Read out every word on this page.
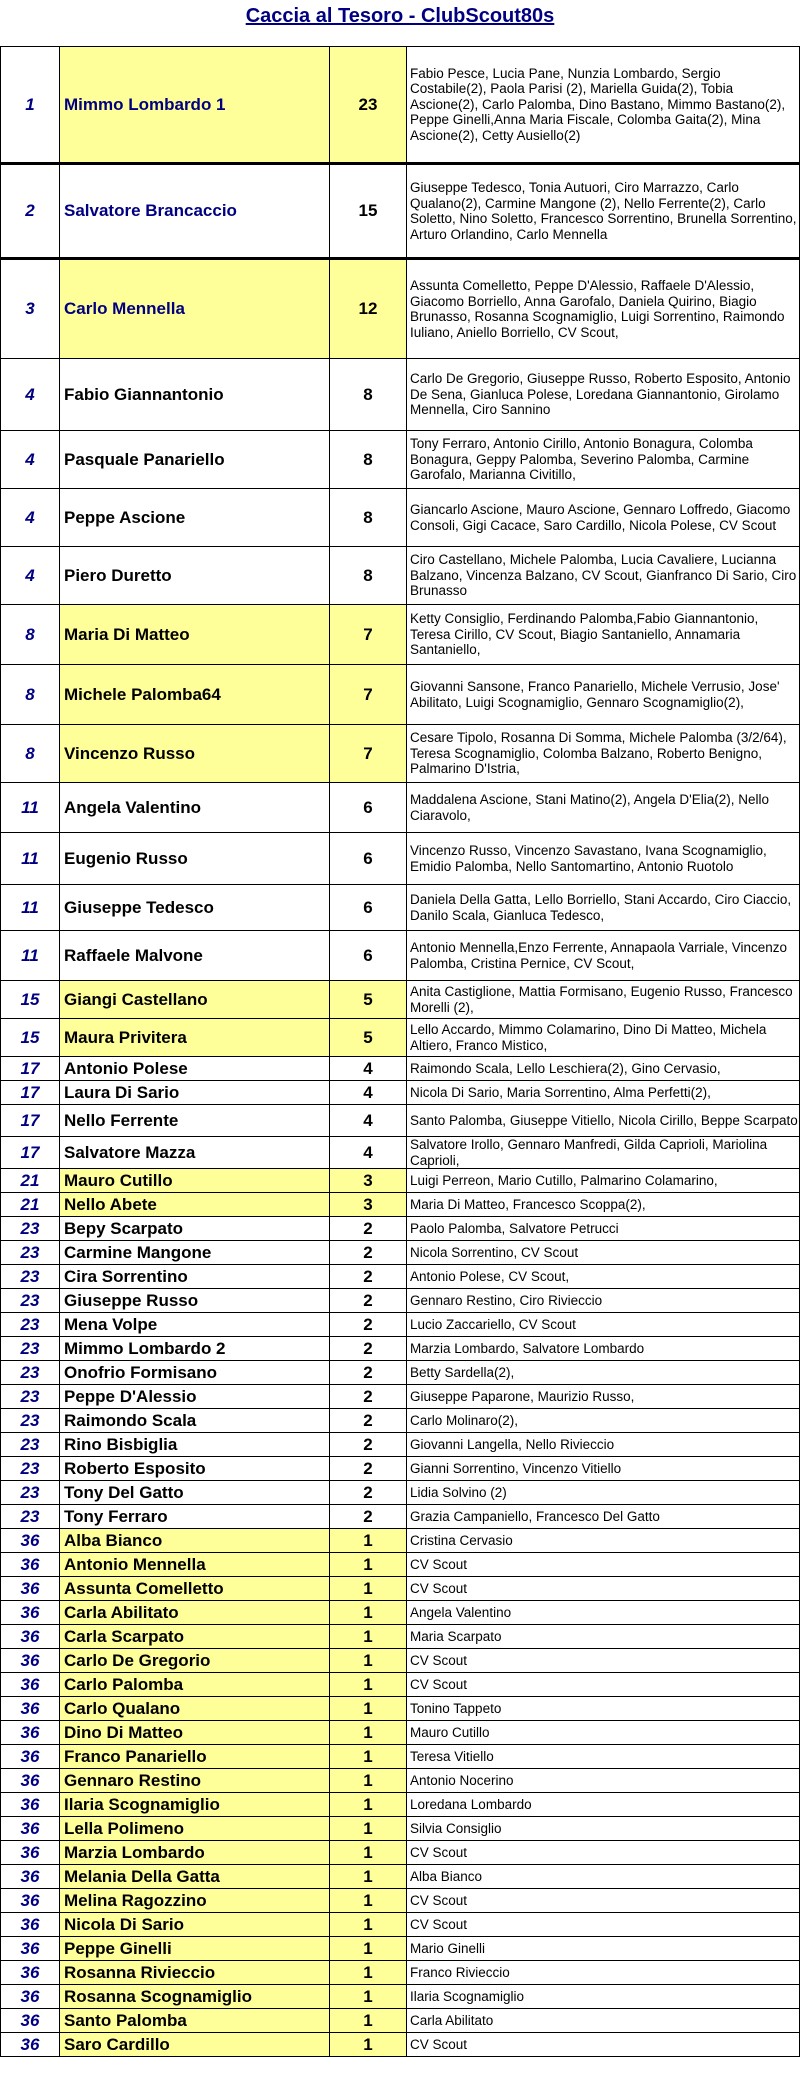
Caccia al Tesoro - ClubScout80s
1	Mimmo Lombardo 1	23	Fabio Pesce, Lucia Pane, Nunzia Lombardo, Sergio Costabile(2), Paola Parisi (2), Mariella Guida(2), Tobia Ascione(2), Carlo Palomba, Dino Bastano, Mimmo Bastano(2), Peppe Ginelli,Anna Maria Fiscale, Colomba Gaita(2), Mina Ascione(2), Cetty Ausiello(2)
2	Salvatore Brancaccio	15	Giuseppe Tedesco, Tonia Autuori, Ciro Marrazzo, Carlo Qualano(2), Carmine Mangone (2), Nello Ferrente(2), Carlo Soletto, Nino Soletto, Francesco Sorrentino, Brunella Sorrentino, Arturo Orlandino, Carlo Mennella
3	Carlo Mennella	12	Assunta Comelletto, Peppe D'Alessio, Raffaele D'Alessio, Giacomo Borriello, Anna Garofalo, Daniela Quirino, Biagio Brunasso, Rosanna Scognamiglio, Luigi Sorrentino, Raimondo Iuliano, Aniello Borriello, CV Scout,
4	Fabio Giannantonio	8	Carlo De Gregorio, Giuseppe Russo, Roberto Esposito, Antonio De Sena, Gianluca Polese, Loredana Giannantonio, Girolamo Mennella, Ciro Sannino
4	Pasquale Panariello	8	Tony Ferraro, Antonio Cirillo, Antonio Bonagura, Colomba Bonagura, Geppy Palomba, Severino Palomba, Carmine Garofalo, Marianna Civitillo,
4	Peppe Ascione	8	Giancarlo Ascione, Mauro Ascione, Gennaro Loffredo, Giacomo Consoli, Gigi Cacace, Saro Cardillo, Nicola Polese, CV Scout
4	Piero Duretto	8	Ciro Castellano, Michele Palomba, Lucia Cavaliere, Lucianna Balzano, Vincenza Balzano, CV Scout, Gianfranco Di Sario, Ciro Brunasso
8	Maria Di Matteo	7	Ketty Consiglio, Ferdinando Palomba,Fabio Giannantonio, Teresa Cirillo, CV Scout, Biagio Santaniello, Annamaria Santaniello,
8	Michele Palomba64	7	Giovanni Sansone, Franco Panariello, Michele Verrusio, Jose' Abilitato, Luigi Scognamiglio, Gennaro Scognamiglio(2),
8	Vincenzo Russo	7	Cesare Tipolo, Rosanna Di Somma, Michele Palomba (3/2/64), Teresa Scognamiglio, Colomba Balzano, Roberto Benigno, Palmarino D'Istria,
11	Angela Valentino	6	Maddalena Ascione, Stani Matino(2), Angela D'Elia(2), Nello Ciaravolo,
11	Eugenio Russo	6	Vincenzo Russo, Vincenzo Savastano, Ivana Scognamiglio, Emidio Palomba, Nello Santomartino, Antonio Ruotolo
11	Giuseppe Tedesco	6	Daniela Della Gatta, Lello Borriello, Stani Accardo, Ciro Ciaccio, Danilo Scala, Gianluca Tedesco,
11	Raffaele Malvone	6	Antonio Mennella,Enzo Ferrente, Annapaola Varriale, Vincenzo Palomba, Cristina Pernice, CV Scout,
15	Giangi Castellano	5	Anita Castiglione, Mattia Formisano, Eugenio Russo, Francesco Morelli (2),
15	Maura Privitera	5	Lello Accardo, Mimmo Colamarino, Dino Di Matteo, Michela Altiero, Franco Mistico,
17	Antonio Polese	4	Raimondo Scala, Lello Leschiera(2), Gino Cervasio,
17	Laura Di Sario	4	Nicola Di Sario, Maria Sorrentino, Alma Perfetti(2),
17	Nello Ferrente	4	Santo Palomba, Giuseppe Vitiello, Nicola Cirillo, Beppe Scarpato
17	Salvatore Mazza	4	Salvatore Irollo, Gennaro Manfredi, Gilda Caprioli, Mariolina Caprioli,
21	Mauro Cutillo	3	Luigi Perreon, Mario Cutillo, Palmarino Colamarino,
21	Nello Abete	3	Maria Di Matteo, Francesco Scoppa(2),
23	Bepy Scarpato	2	Paolo Palomba, Salvatore Petrucci
23	Carmine Mangone	2	Nicola Sorrentino, CV Scout
23	Cira Sorrentino	2	Antonio Polese, CV Scout,
23	Giuseppe Russo	2	Gennaro Restino, Ciro Rivieccio
23	Mena Volpe	2	Lucio Zaccariello, CV Scout
23	Mimmo Lombardo 2	2	Marzia Lombardo, Salvatore Lombardo
23	Onofrio Formisano	2	Betty Sardella(2),
23	Peppe D'Alessio	2	Giuseppe Paparone, Maurizio Russo,
23	Raimondo Scala	2	Carlo Molinaro(2),
23	Rino Bisbiglia	2	Giovanni Langella, Nello Rivieccio
23	Roberto Esposito	2	Gianni Sorrentino, Vincenzo Vitiello
23	Tony Del Gatto	2	Lidia Solvino (2)
23	Tony Ferraro	2	Grazia Campaniello, Francesco Del Gatto
36	Alba Bianco	1	Cristina Cervasio
36	Antonio Mennella	1	CV Scout
36	Assunta Comelletto	1	CV Scout
36	Carla Abilitato	1	Angela Valentino
36	Carla Scarpato	1	Maria Scarpato
36	Carlo De Gregorio	1	CV Scout
36	Carlo Palomba	1	CV Scout
36	Carlo Qualano	1	Tonino Tappeto
36	Dino Di Matteo	1	Mauro Cutillo
36	Franco Panariello	1	Teresa Vitiello
36	Gennaro Restino	1	Antonio Nocerino
36	Ilaria Scognamiglio	1	Loredana Lombardo
36	Lella Polimeno	1	Silvia Consiglio
36	Marzia Lombardo	1	CV Scout
36	Melania Della Gatta	1	Alba Bianco
36	Melina Ragozzino	1	CV Scout
36	Nicola Di Sario	1	CV Scout
36	Peppe Ginelli	1	Mario Ginelli
36	Rosanna Rivieccio	1	Franco Rivieccio
36	Rosanna Scognamiglio	1	Ilaria Scognamiglio
36	Santo Palomba	1	Carla Abilitato
36	Saro Cardillo	1	CV Scout
